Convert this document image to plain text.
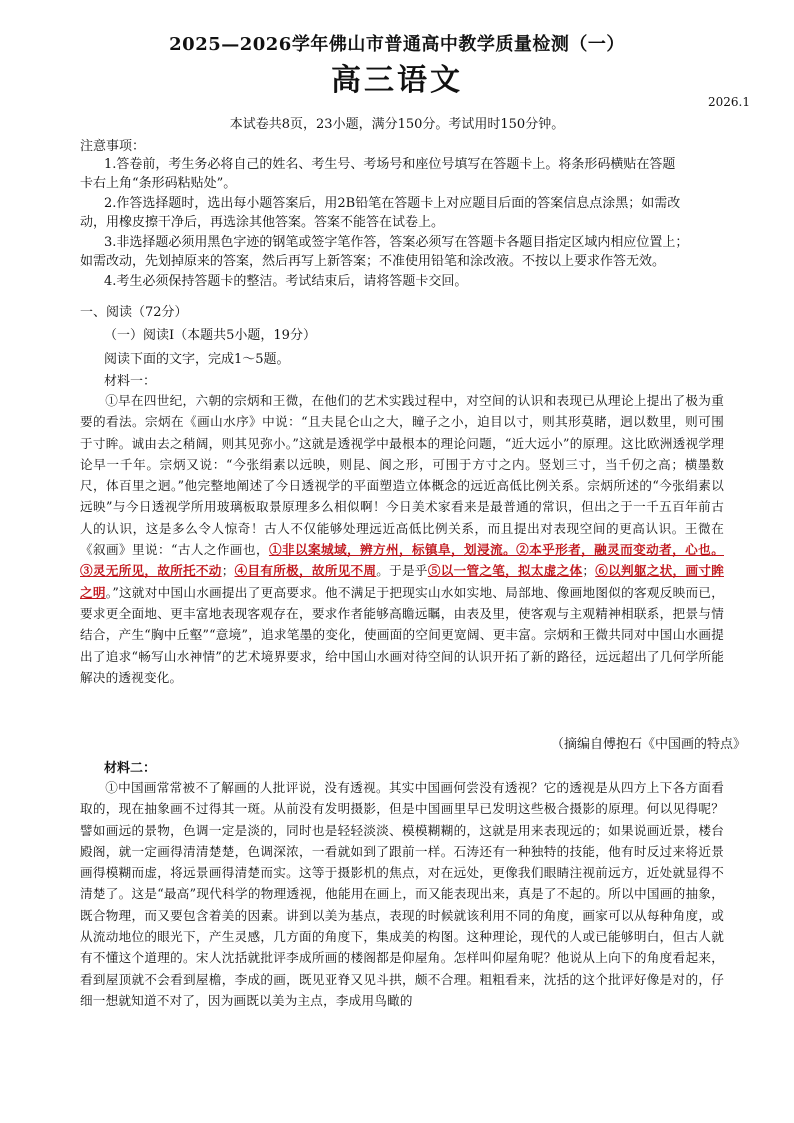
2025—2026学年佛山市普通高中教学质量检测（一）
高三语文
2026.1
本试卷共8页，23小题，满分150分。考试用时150分钟。
注意事项：
1.答卷前，考生务必将自己的姓名、考生号、考场号和座位号填写在答题卡上。将条形码横贴在答题
卡右上角“条形码粘贴处”。
2.作答选择题时，选出每小题答案后，用2B铅笔在答题卡上对应题目后面的答案信息点涂黑；如需改
动，用橡皮擦干净后，再选涂其他答案。答案不能答在试卷上。
3.非选择题必须用黑色字迹的钢笔或签字笔作答，答案必须写在答题卡各题目指定区域内相应位置上；
如需改动，先划掉原来的答案，然后再写上新答案；不准使用铅笔和涂改液。不按以上要求作答无效。
4.考生必须保持答题卡的整洁。考试结束后，请将答题卡交回。
一、阅读（72分）
（一）阅读Ⅰ（本题共5小题，19分）
阅读下面的文字，完成1～5题。
材料一：
①早在四世纪，六朝的宗炳和王微，在他们的艺术实践过程中，对空间的认识和表现已从理论上提出了极为重要的看法。宗炳在《画山水序》中说：“且夫昆仑山之大，瞳子之小，迫目以寸，则其形莫睹，迥以数里，则可围于寸眸。诚由去之稍阔，则其见弥小。”这就是透视学中最根本的理论问题，“近大远小”的原理。这比欧洲透视学理论早一千年。宗炳又说：“今张绢素以远映，则昆、阆之形，可围于方寸之内。竖划三寸，当千仞之高；横墨数尺，体百里之迥。”他完整地阐述了今日透视学的平面塑造立体概念的远近高低比例关系。宗炳所述的“今张绢素以远映”与今日透视学所用玻璃板取景原理多么相似啊！今日美术家看来是最普通的常识，但出之于一千五百年前古人的认识，这是多么令人惊奇！古人不仅能够处理远近高低比例关系，而且提出对表现空间的更高认识。王微在《叙画》里说：“古人之作画也，①非以案城域，辨方州，标镇阜，划浸流。②本乎形者，融灵而变动者，心也。③灵无所见，故所托不动；④目有所极，故所见不周。于是乎⑤以一管之笔，拟太虚之体；⑥以判躯之状，画寸眸之明。”这就对中国山水画提出了更高要求。他不满足于把现实山水如实地、局部地、像画地图似的客观反映而已，要求更全面地、更丰富地表现客观存在，要求作者能够高瞻远瞩，由表及里，使客观与主观精神相联系，把景与情结合，产生“胸中丘壑”“意境”，追求笔墨的变化，使画面的空间更宽阔、更丰富。宗炳和王微共同对中国山水画提出了追求“畅写山水神情”的艺术境界要求，给中国山水画对待空间的认识开拓了新的路径，远远超出了几何学所能解决的透视变化。
（摘编自傅抱石《中国画的特点》
材料二：
①中国画常常被不了解画的人批评说，没有透视。其实中国画何尝没有透视？它的透视是从四方上下各方面看取的，现在抽象画不过得其一斑。从前没有发明摄影，但是中国画里早已发明这些极合摄影的原理。何以见得呢？譬如画远的景物，色调一定是淡的，同时也是轻轻淡淡、模模糊糊的，这就是用来表现远的；如果说画近景，楼台殿阁，就一定画得清清楚楚，色调深浓，一看就如到了跟前一样。石涛还有一种独特的技能，他有时反过来将近景画得模糊而虚，将远景画得清楚而实。这等于摄影机的焦点，对在远处，更像我们眼睛注视前远方，近处就显得不清楚了。这是“最高”现代科学的物理透视，他能用在画上，而又能表现出来，真是了不起的。所以中国画的抽象，既合物理，而又要包含着美的因素。讲到以美为基点，表现的时候就该利用不同的角度，画家可以从每种角度，或从流动地位的眼光下，产生灵感，几方面的角度下，集成美的构图。这种理论，现代的人或已能够明白，但古人就有不懂这个道理的。宋人沈括就批评李成所画的楼阁都是仰屋角。怎样叫仰屋角呢？他说从上向下的角度看起来，看到屋顶就不会看到屋檐，李成的画，既见亚脊又见斗拱，颇不合理。粗粗看来，沈括的这个批评好像是对的，仔细一想就知道不对了，因为画既以美为主点，李成用鸟瞰的
